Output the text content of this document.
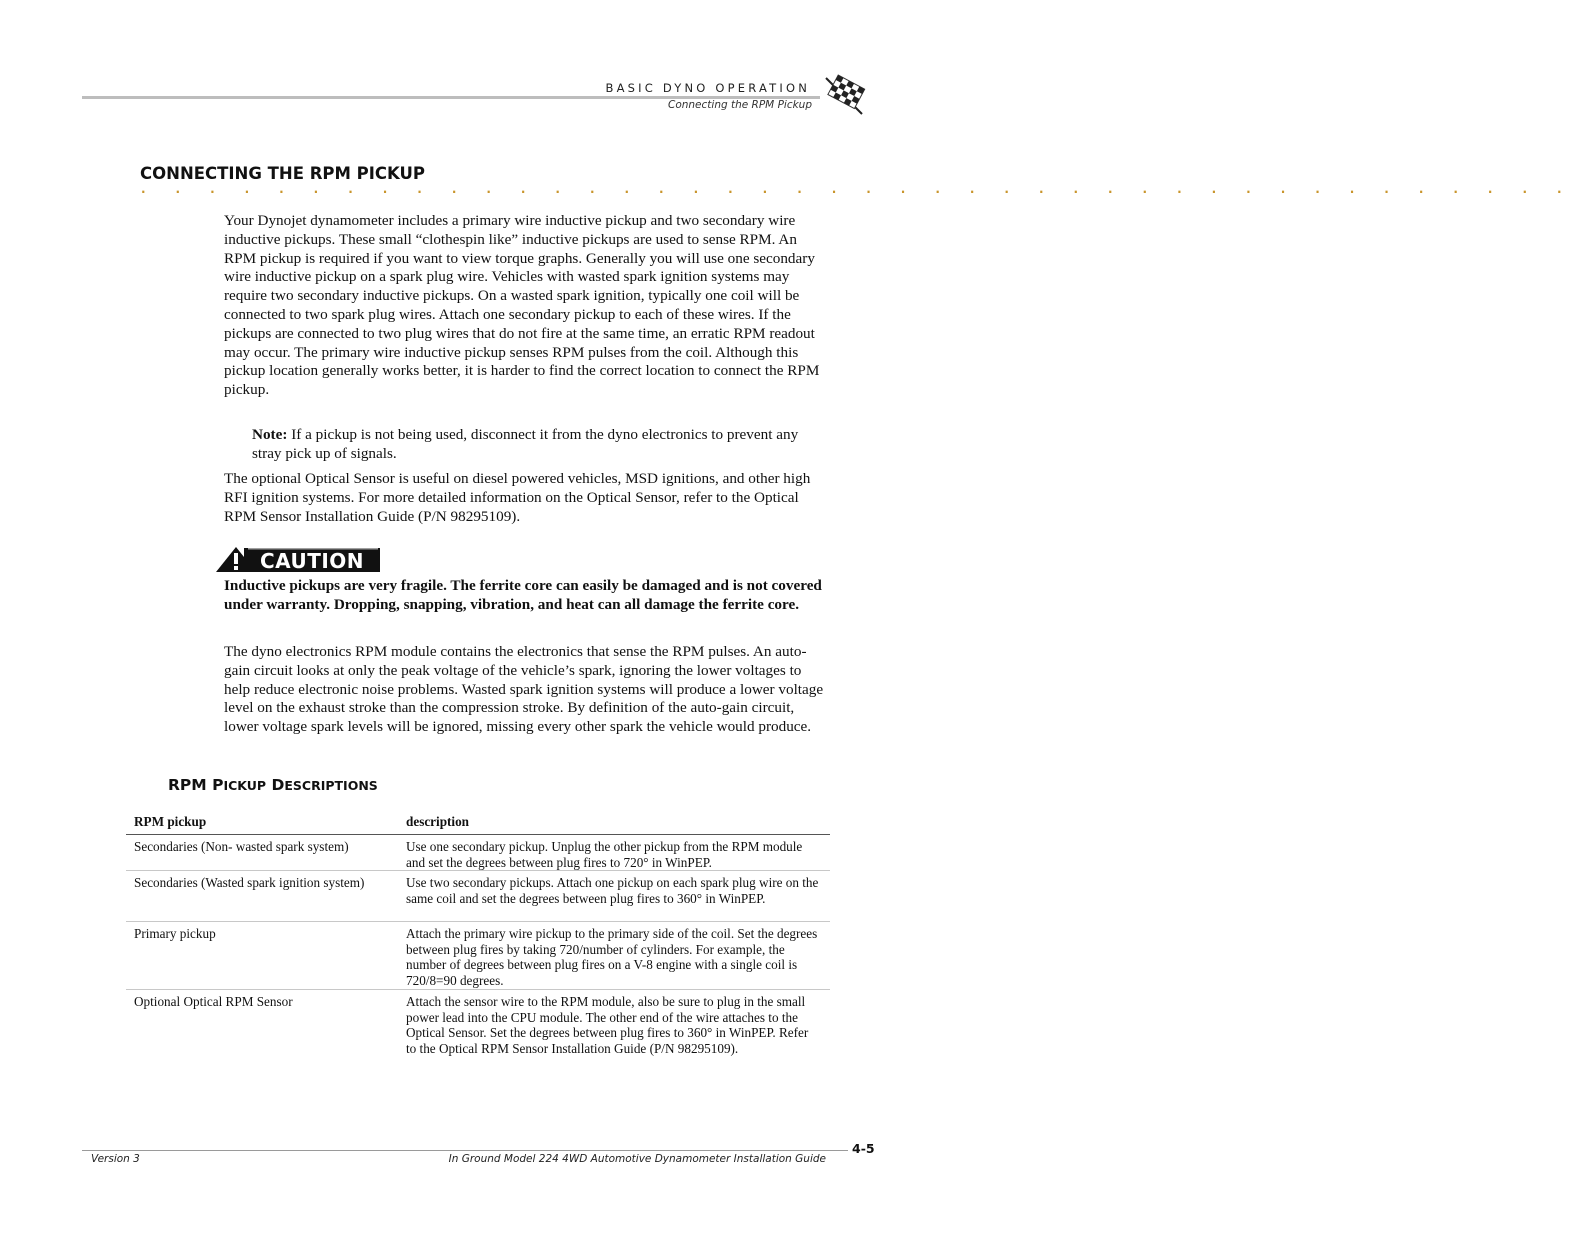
BASIC DYNO OPERATION
Connecting the RPM Pickup
CONNECTING THE RPM PICKUP
. . . . . . . . . . . . . . . . . . . . . . . . . . . . . . . . . . . . . . . . . .
Your Dynojet dynamometer includes a primary wire inductive pickup and two secondary wire inductive pickups. These small “clothespin like” inductive pickups are used to sense RPM. An RPM pickup is required if you want to view torque graphs. Generally you will use one secondary wire inductive pickup on a spark plug wire. Vehicles with wasted spark ignition systems may require two secondary inductive pickups. On a wasted spark ignition, typically one coil will be connected to two spark plug wires. Attach one secondary pickup to each of these wires. If the pickups are connected to two plug wires that do not fire at the same time, an erratic RPM readout may occur. The primary wire inductive pickup senses RPM pulses from the coil. Although this pickup location generally works better, it is harder to find the correct location to connect the RPM pickup.
Note: If a pickup is not being used, disconnect it from the dyno electronics to prevent any stray pick up of signals.
The optional Optical Sensor is useful on diesel powered vehicles, MSD ignitions, and other high RFI ignition systems. For more detailed information on the Optical Sensor, refer to the Optical RPM Sensor Installation Guide (P/N 98295109).
CAUTION
Inductive pickups are very fragile. The ferrite core can easily be damaged and is not covered under warranty. Dropping, snapping, vibration, and heat can all damage the ferrite core.
The dyno electronics RPM module contains the electronics that sense the RPM pulses. An auto-gain circuit looks at only the peak voltage of the vehicle’s spark, ignoring the lower voltages to help reduce electronic noise problems. Wasted spark ignition systems will produce a lower voltage level on the exhaust stroke than the compression stroke. By definition of the auto-gain circuit, lower voltage spark levels will be ignored, missing every other spark the vehicle would produce.
RPM PICKUP DESCRIPTIONS
RPM pickup	description
Secondaries (Non- wasted spark system)	Use one secondary pickup. Unplug the other pickup from the RPM module and set the degrees between plug fires to 720° in WinPEP.
Secondaries (Wasted spark ignition system)	Use two secondary pickups. Attach one pickup on each spark plug wire on the same coil and set the degrees between plug fires to 360° in WinPEP.
Primary pickup	Attach the primary wire pickup to the primary side of the coil. Set the degrees between plug fires by taking 720/number of cylinders. For example, the number of degrees between plug fires on a V-8 engine with a single coil is 720/8=90 degrees.
Optional Optical RPM Sensor	Attach the sensor wire to the RPM module, also be sure to plug in the small power lead into the CPU module. The other end of the wire attaches to the Optical Sensor. Set the degrees between plug fires to 360° in WinPEP. Refer to the Optical RPM Sensor Installation Guide (P/N 98295109).
4-5
Version 3	In Ground Model 224 4WD Automotive Dynamometer Installation Guide
